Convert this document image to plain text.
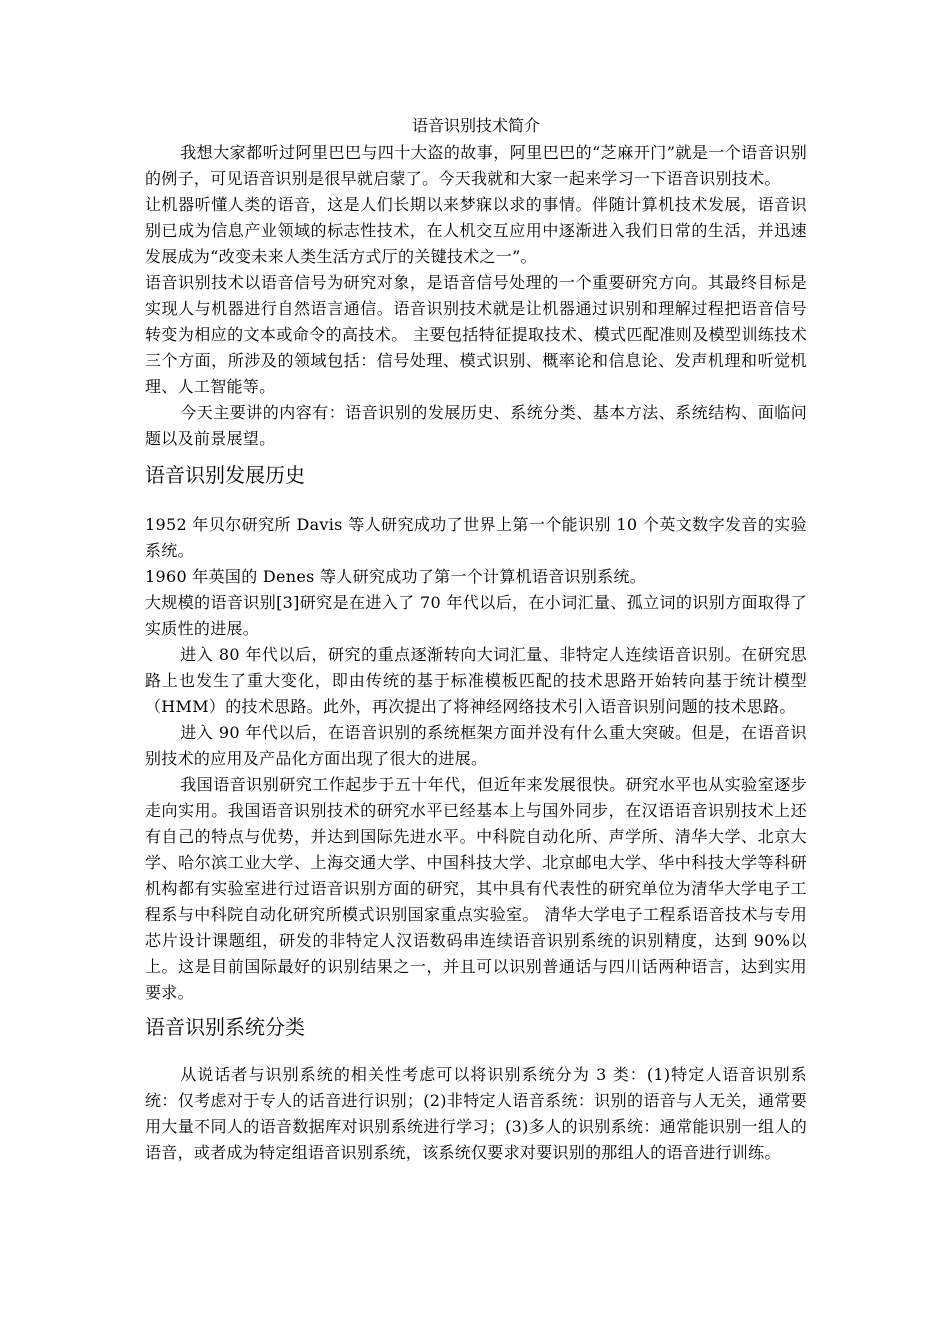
语音识别技术简介

我想大家都听过阿里巴巴与四十大盗的故事，阿里巴巴的“芝麻开门”就是一个语音识别的例子，可见语音识别是很早就启蒙了。今天我就和大家一起来学习一下语音识别技术。

让机器听懂人类的语音，这是人们长期以来梦寐以求的事情。伴随计算机技术发展，语音识别已成为信息产业领域的标志性技术，在人机交互应用中逐渐进入我们日常的生活，并迅速发展成为“改变未来人类生活方式厅的关键技术之一”。

语音识别技术以语音信号为研究对象，是语音信号处理的一个重要研究方向。其最终目标是实现人与机器进行自然语言通信。语音识别技术就是让机器通过识别和理解过程把语音信号转变为相应的文本或命令的高技术。 主要包括特征提取技术、模式匹配准则及模型训练技术三个方面，所涉及的领域包括：信号处理、模式识别、概率论和信息论、发声机理和听觉机理、人工智能等。

今天主要讲的内容有：语音识别的发展历史、系统分类、基本方法、系统结构、面临问题以及前景展望。

语音识别发展历史

1952 年贝尔研究所 Davis 等人研究成功了世界上第一个能识别 10 个英文数字发音的实验系统。

1960 年英国的 Denes 等人研究成功了第一个计算机语音识别系统。

大规模的语音识别[3]研究是在进入了 70 年代以后，在小词汇量、孤立词的识别方面取得了实质性的进展。

进入 80 年代以后，研究的重点逐渐转向大词汇量、非特定人连续语音识别。在研究思路上也发生了重大变化，即由传统的基于标准模板匹配的技术思路开始转向基于统计模型（HMM）的技术思路。此外，再次提出了将神经网络技术引入语音识别问题的技术思路。

进入 90 年代以后，在语音识别的系统框架方面并没有什么重大突破。但是，在语音识别技术的应用及产品化方面出现了很大的进展。

我国语音识别研究工作起步于五十年代，但近年来发展很快。研究水平也从实验室逐步走向实用。我国语音识别技术的研究水平已经基本上与国外同步，在汉语语音识别技术上还有自己的特点与优势，并达到国际先进水平。中科院自动化所、声学所、清华大学、北京大学、哈尔滨工业大学、上海交通大学、中国科技大学、北京邮电大学、华中科技大学等科研机构都有实验室进行过语音识别方面的研究，其中具有代表性的研究单位为清华大学电子工程系与中科院自动化研究所模式识别国家重点实验室。 清华大学电子工程系语音技术与专用芯片设计课题组，研发的非特定人汉语数码串连续语音识别系统的识别精度，达到 90%以上。这是目前国际最好的识别结果之一，并且可以识别普通话与四川话两种语言，达到实用要求。

语音识别系统分类

从说话者与识别系统的相关性考虑可以将识别系统分为 3 类：(1)特定人语音识别系统：仅考虑对于专人的话音进行识别；(2)非特定人语音系统：识别的语音与人无关，通常要用大量不同人的语音数据库对识别系统进行学习；(3)多人的识别系统：通常能识别一组人的语音，或者成为特定组语音识别系统，该系统仅要求对要识别的那组人的语音进行训练。
